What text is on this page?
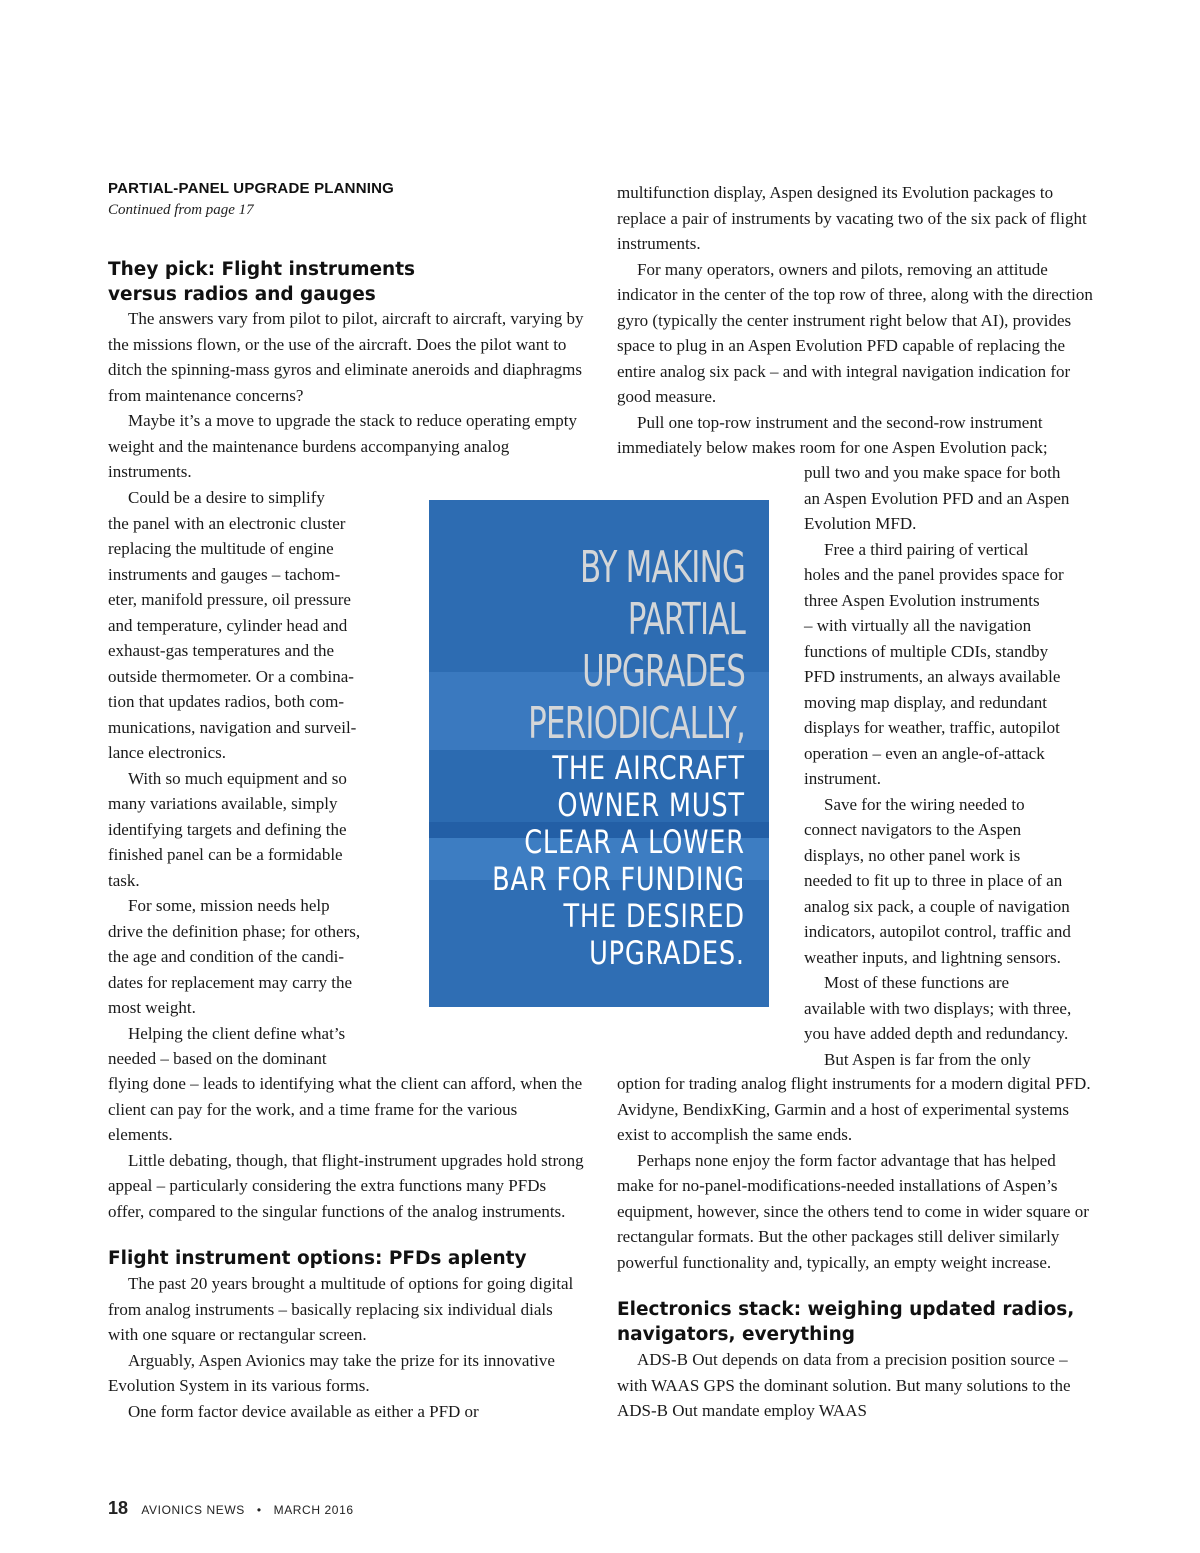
PARTIAL-PANEL UPGRADE PLANNING
Continued from page 17
They pick: Flight instruments
versus radios and gauges

The answers vary from pilot to pilot, aircraft to aircraft, varying by the missions flown, or the use of the aircraft. Does the pilot want to ditch the spinning-mass gyros and eliminate aneroids and diaphragms from maintenance concerns?

Maybe it’s a move to upgrade the stack to reduce operating empty weight and the maintenance burdens accompanying analog instruments.

Could be a desire to simplify
the panel with an electronic cluster
replacing the multitude of engine
instruments and gauges – tachom-
eter, manifold pressure, oil pressure
and temperature, cylinder head and
exhaust-gas temperatures and the
outside thermometer. Or a combina-
tion that updates radios, both com-
munications, navigation and surveil-
lance electronics.
With so much equipment and so
many variations available, simply
identifying targets and defining the
finished panel can be a formidable
task.
For some, mission needs help
drive the definition phase; for others,
the age and condition of the candi-
dates for replacement may carry the
most weight.
Helping the client define what’s
needed – based on the dominant

flying done – leads to identifying what the client can afford, when the client can pay for the work, and a time frame for the various elements.

Little debating, though, that flight-instrument upgrades hold strong appeal – particularly considering the extra functions many PFDs offer, compared to the singular functions of the analog instruments.

Flight instrument options: PFDs aplenty

The past 20 years brought a multitude of options for going digital from analog instruments – basically replacing six individual dials with one square or rectangular screen.

Arguably, Aspen Avionics may take the prize for its innovative Evolution System in its various forms.

One form factor device available as either a PFD or

multifunction display, Aspen designed its Evolution packages to replace a pair of instruments by vacating two of the six pack of flight instruments.

For many operators, owners and pilots, removing an attitude indicator in the center of the top row of three, along with the direction gyro (typically the center instrument right below that AI), provides space to plug in an Aspen Evolution PFD capable of replacing the entire analog six pack – and with integral navigation indication for good measure.

Pull one top-row instrument and the second-row instrument immediately below makes room for one Aspen Evolution pack;

pull two and you make space for both
an Aspen Evolution PFD and an Aspen
Evolution MFD.
Free a third pairing of vertical
holes and the panel provides space for
three Aspen Evolution instruments
– with virtually all the navigation
functions of multiple CDIs, standby
PFD instruments, an always available
moving map display, and redundant
displays for weather, traffic, autopilot
operation – even an angle-of-attack
instrument.
Save for the wiring needed to
connect navigators to the Aspen
displays, no other panel work is
needed to fit up to three in place of an
analog six pack, a couple of navigation
indicators, autopilot control, traffic and
weather inputs, and lightning sensors.
Most of these functions are
available with two displays; with three,
you have added depth and redundancy.
But Aspen is far from the only

option for trading analog flight instruments for a modern digital PFD. Avidyne, BendixKing, Garmin and a host of experimental systems exist to accomplish the same ends.

Perhaps none enjoy the form factor advantage that has helped make for no-panel-modifications-needed installations of Aspen’s equipment, however, since the others tend to come in wider square or rectangular formats. But the other packages still deliver similarly powerful functionality and, typically, an empty weight increase.

Electronics stack: weighing updated radios,
navigators, everything

ADS-B Out depends on data from a precision position source – with WAAS GPS the dominant solution. But many solutions to the ADS-B Out mandate employ WAAS

BY MAKING
PARTIAL
UPGRADES
PERIODICALLY,
THE AIRCRAFT
OWNER MUST
CLEAR A LOWER
BAR FOR FUNDING
THE DESIRED
UPGRADES.
18 AVIONICS NEWS • MARCH 2016
